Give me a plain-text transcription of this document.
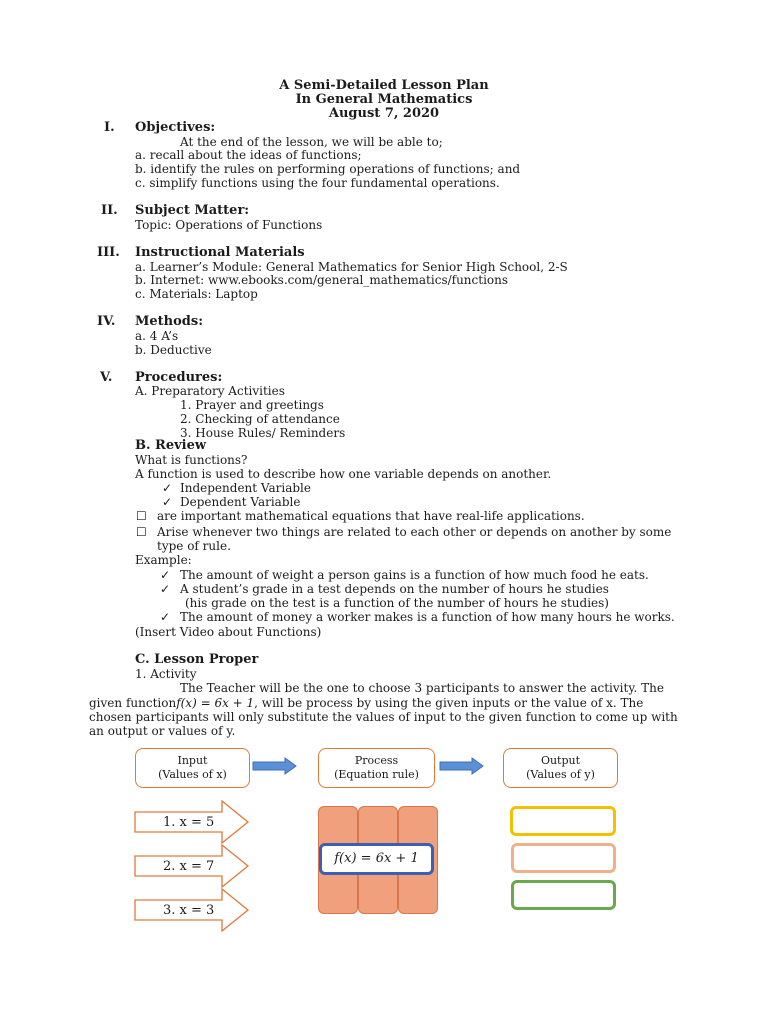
A Semi-Detailed Lesson Plan
In General Mathematics
August 7, 2020
I. Objectives:
At the end of the lesson, we will be able to;
a. recall about the ideas of functions;
b. identify the rules on performing operations of functions; and
c. simplify functions using the four fundamental operations.
II. Subject Matter:
Topic: Operations of Functions
III. Instructional Materials
a. Learner’s Module: General Mathematics for Senior High School, 2-S
b. Internet: www.ebooks.com/general_mathematics/functions
c. Materials: Laptop
IV. Methods:
a. 4 A’s
b. Deductive
V. Procedures:
A. Preparatory Activities
1. Prayer and greetings
2. Checking of attendance
3. House Rules/ Reminders
B. Review
What is functions?
A function is used to describe how one variable depends on another.
✓ Independent Variable
✓ Dependent Variable
☐ are important mathematical equations that have real-life applications.
☐ Arise whenever two things are related to each other or depends on another by some
type of rule.
Example:
✓ The amount of weight a person gains is a function of how much food he eats.
✓ A student’s grade in a test depends on the number of hours he studies
(his grade on the test is a function of the number of hours he studies)
✓ The amount of money a worker makes is a function of how many hours he works.
(Insert Video about Functions)
C. Lesson Proper
1. Activity
The Teacher will be the one to choose 3 participants to answer the activity. The
given functionf(x) = 6x + 1, will be process by using the given inputs or the value of x. The
chosen participants will only substitute the values of input to the given function to come up with
an output or values of y.
Input
(Values of x)
Process
(Equation rule)
Output
(Values of y)
1. x = 5
2. x = 7
3. x = 3
f(x) = 6x + 1
